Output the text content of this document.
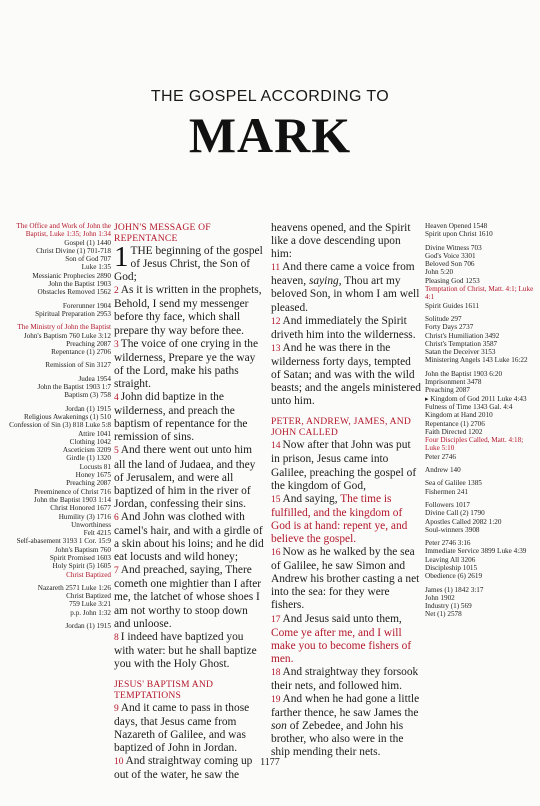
THE GOSPEL ACCORDING TO
MARK
The Office and Work of John the Baptist, Luke 1:35; John 1:34
Gospel (1) 1440
Christ Divine (1) 701-718
Son of God 707
Luke 1:35
Messianic Prophecies 2890
John the Baptist 1903
Obstacles Removed 1562
Forerunner 1904
Spiritual Preparation 2953
The Ministry of John the Baptist
John's Baptism 760 Luke 3:12
Preaching 2087
Repentance (1) 2706
Remission of Sin 3127
Judea 1954
John the Baptist 1903 1:7
Baptism (3) 758
Jordan (1) 1915
Religious Awakenings (1) 510
Confession of Sin (3) 818 Luke 5:8
Attire 1041
Clothing 1042
Asceticism 3209
Girdle (1) 1320
Locusts 81
Honey 1675
Preaching 2087
Preeminence of Christ 716
John the Baptist 1903 1:14
Christ Honored 1677
Humility (3) 1716
Unworthiness
Felt 4215
Self-abasement 3193 1 Cor. 15:9
John's Baptism 760
Spirit Promised 1603
Holy Spirit (5) 1605
Christ Baptized
Nazareth 2571 Luke 1:26
Christ Baptized
759 Luke 3:21
p.p. John 1:32
Jordan (1) 1915
JOHN'S MESSAGE OF REPENTANCE

1 THE beginning of the gospel of Jesus Christ, the Son of God;

2 As it is written in the prophets, Behold, I send my messenger before thy face, which shall prepare thy way before thee.

3 The voice of one crying in the wilderness, Prepare ye the way of the Lord, make his paths straight.

4 John did baptize in the wilderness, and preach the baptism of repentance for the remission of sins.

5 And there went out unto him all the land of Judaea, and they of Jerusalem, and were all baptized of him in the river of Jordan, confessing their sins.

6 And John was clothed with camel's hair, and with a girdle of a skin about his loins; and he did eat locusts and wild honey;

7 And preached, saying, There cometh one mightier than I after me, the latchet of whose shoes I am not worthy to stoop down and unloose.

8 I indeed have baptized you with water: but he shall baptize you with the Holy Ghost.

JESUS' BAPTISM AND TEMPTATIONS

9 And it came to pass in those days, that Jesus came from Nazareth of Galilee, and was baptized of John in Jordan.

10 And straightway coming up out of the water, he saw the

heavens opened, and the Spirit like a dove descending upon him:

11 And there came a voice from heaven, saying, Thou art my beloved Son, in whom I am well pleased.

12 And immediately the Spirit driveth him into the wilderness.

13 And he was there in the wilderness forty days, tempted of Satan; and was with the wild beasts; and the angels ministered unto him.

PETER, ANDREW, JAMES, AND JOHN CALLED

14 Now after that John was put in prison, Jesus came into Galilee, preaching the gospel of the kingdom of God,

15 And saying, The time is fulfilled, and the kingdom of God is at hand: repent ye, and believe the gospel.

16 Now as he walked by the sea of Galilee, he saw Simon and Andrew his brother casting a net into the sea: for they were fishers.

17 And Jesus said unto them, Come ye after me, and I will make you to become fishers of men.

18 And straightway they forsook their nets, and followed him.

19 And when he had gone a little farther thence, he saw James the son of Zebedee, and John his brother, who also were in the ship mending their nets.

Heaven Opened 1548
Spirit upon Christ 1610
Divine Witness 703
God's Voice 3301
Beloved Son 706
John 5:20
Pleasing God 1253
Temptation of Christ, Matt. 4:1; Luke 4:1
Spirit Guides 1611
Solitude 297
Forty Days 2737
Christ's Humiliation 3492
Christ's Temptation 3587
Satan the Deceiver 3153
Ministering Angels 143 Luke 16:22
John the Baptist 1903 6:20
Imprisonment 3478
Preaching 2087
▸ Kingdom of God 2011 Luke 4:43
Fulness of Time 1343 Gal. 4:4
Kingdom at Hand 2010
Repentance (1) 2706
Faith Directed 1202
Four Disciples Called, Matt. 4:18; Luke 5:10
Peter 2746
Andrew 140
Sea of Galilee 1385
Fishermen 241
Followers 1017
Divine Call (2) 1790
Apostles Called 2082 1:20
Soul-winners 3908
Peter 2746 3:16
Immediate Service 3899 Luke 4:39
Leaving All 3206
Discipleship 1015
Obedience (6) 2619
James (1) 1842 3:17
John 1902
Industry (1) 569
Net (1) 2578
1177
